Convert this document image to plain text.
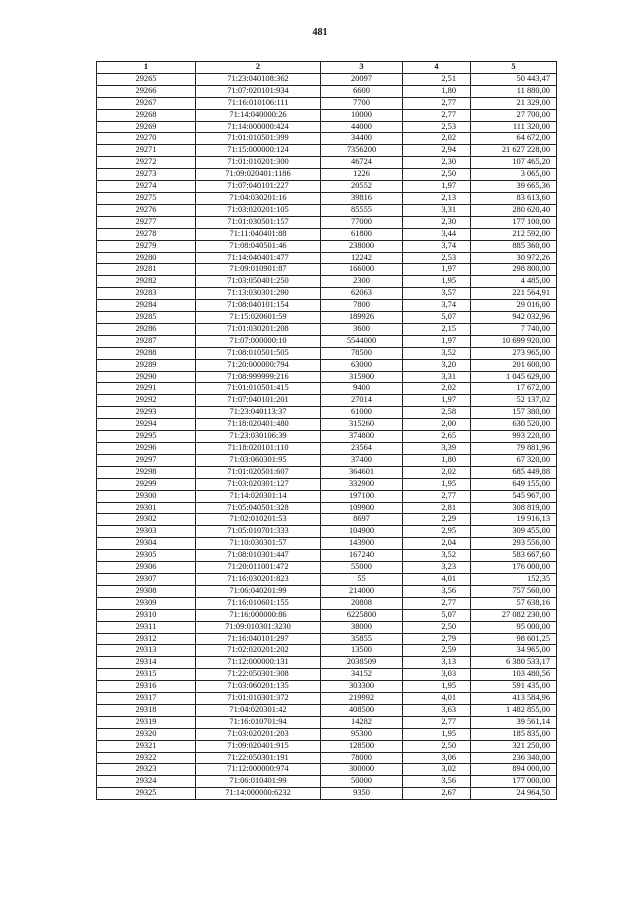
481
1	2	3	4	5
29265	71:23:040108:362	20097	2,51	50 443,47
29266	71:07:020101:934	6600	1,80	11 880,00
29267	71:16:010106:111	7700	2,77	21 329,00
29268	71:14:040000:26	10000	2,77	27 700,00
29269	71:14:000000:424	44000	2,53	111 320,00
29270	71:01:010501:399	34400	2,02	64 672,00
29271	71:15:000000:124	7356200	2,94	21 627 228,00
29272	71:01:010201:300	46724	2,30	107 465,20
29273	71:09:020401:1186	1226	2,50	3 065,00
29274	71:07:040101:227	20552	1,97	39 665,36
29275	71:04:030201:16	39816	2,13	83 613,60
29276	71:03:020201:105	85555	3,31	280 620,40
29277	71:01:030501:157	77000	2,30	177 100,00
29278	71:11:040401:88	61800	3,44	212 592,00
29279	71:08:040501:46	238000	3,74	885 360,00
29280	71:14:040401:477	12242	2,53	30 972,26
29281	71:09:010901:87	166000	1,97	298 800,00
29282	71:03:050401:250	2300	1,95	4 485,00
29283	71:13:030301:290	62063	3,57	221 564,91
29284	71:08:040101:154	7800	3,74	29 016,00
29285	71:15:020601:59	189926	5,07	942 032,96
29286	71:01:030201:208	3600	2,15	7 740,00
29287	71:07:000000:10	5544000	1,97	10 699 920,00
29288	71:08:010501:505	78500	3,52	273 965,00
29289	71:20:000000:794	63000	3,20	201 600,00
29290	71:08:999999:216	315900	3,31	1 045 629,00
29291	71:01:010501:415	9400	2,02	17 672,00
29292	71:07:040101:201	27014	1,97	52 137,02
29293	71:23:040113:37	61000	2,58	157 380,00
29294	71:18:020401:480	315260	2,00	630 520,00
29295	71:23:030106:39	374800	2,65	993 220,00
29296	71:18:020101:110	23564	3,39	79 881,96
29297	71:03:060301:95	37400	1,80	67 320,00
29298	71:01:020501:607	364601	2,02	685 449,88
29299	71:03:020301:127	332900	1,95	649 155,00
29300	71:14:020301:14	197100	2,77	545 967,00
29301	71:05:040501:328	109900	2,81	308 819,00
29302	71:02:010201:53	8697	2,29	19 916,13
29303	71:05:010701:333	104900	2,95	309 455,00
29304	71:10:030301:57	143900	2,04	293 556,00
29305	71:08:010301:447	167240	3,52	583 667,60
29306	71:20:011001:472	55000	3,23	176 000,00
29307	71:16:030201:823	55	4,01	152,35
29308	71:06:040201:99	214000	3,56	757 560,00
29309	71:16:010601:155	20808	2,77	57 638,16
29310	71:16:000000:86	6225800	5,07	27 082 230,00
29311	71:09:010301:3230	38000	2,50	95 000,00
29312	71:16:040101:297	35855	2,79	98 601,25
29313	71:02:020201:202	13500	2,59	34 965,00
29314	71:12:000000:131	2038509	3,13	6 380 533,17
29315	71:22:050301:308	34152	3,03	103 480,56
29316	71:03:060201:135	303300	1,95	591 435,00
29317	71:01:010301:372	219992	4,01	413 584,96
29318	71:04:020301:42	408500	3,63	1 482 855,00
29319	71:16:010701:94	14282	2,77	39 561,14
29320	71:03:020201:203	95300	1,95	185 835,00
29321	71:09:020401:915	128500	2,50	321 250,00
29322	71:22:050301:191	78000	3,06	236 340,00
29323	71:12:000000:974	300000	3,02	894 000,00
29324	71:06:010401:99	50000	3,56	177 000,00
29325	71:14:000000:6232	9350	2,67	24 964,50
